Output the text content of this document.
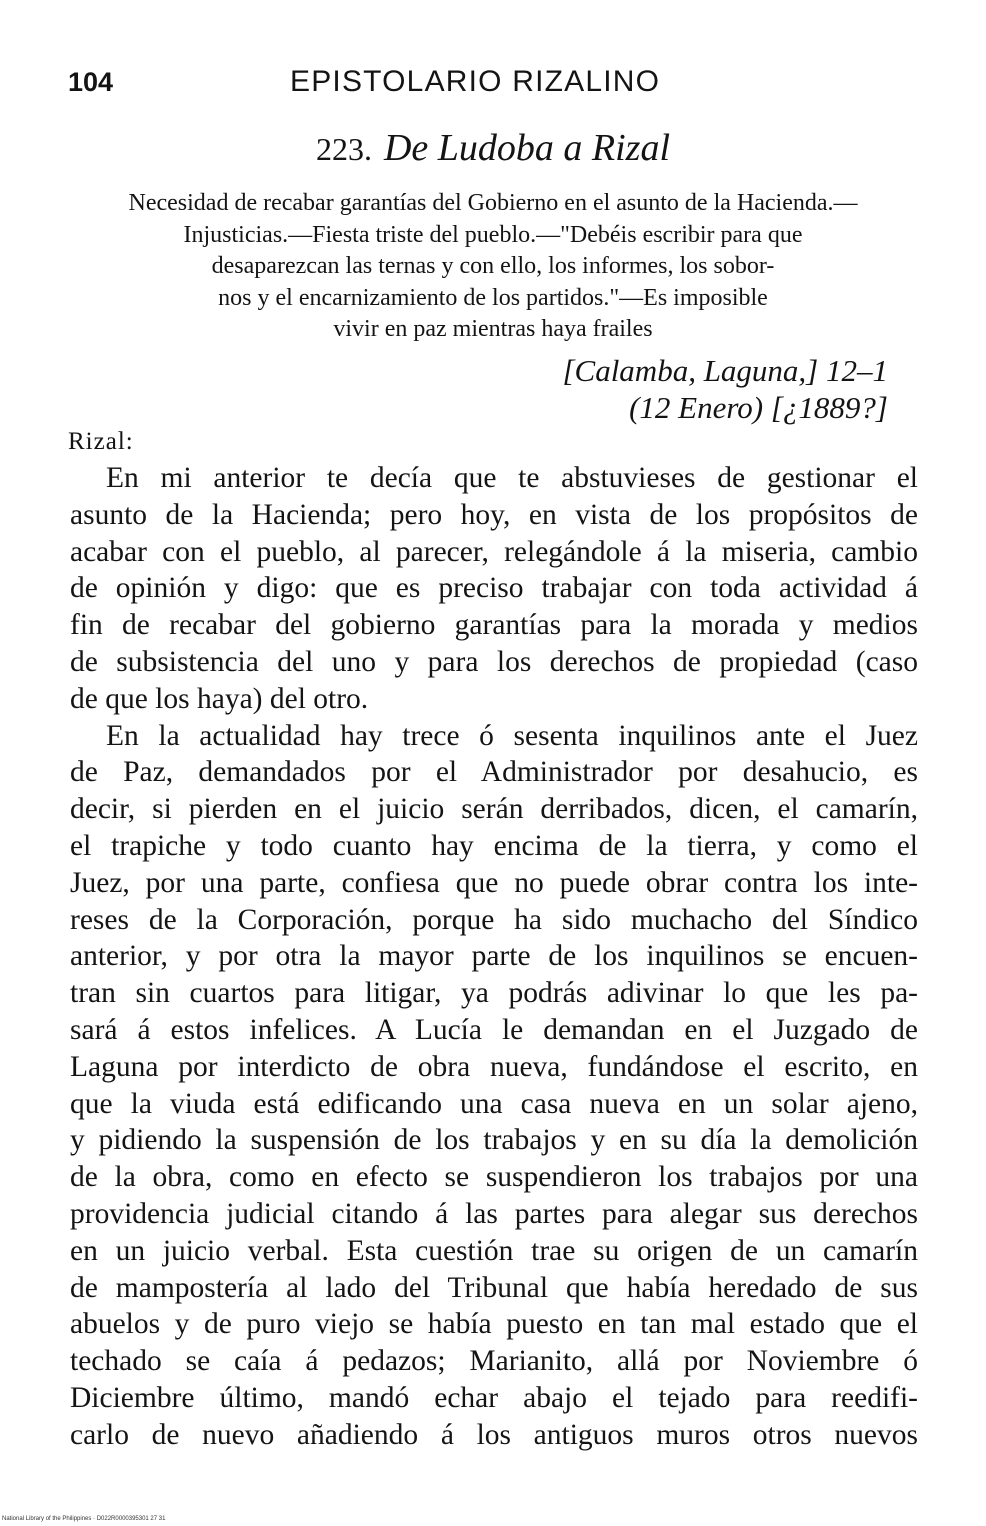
104	EPISTOLARIO RIZALINO
223. De Ludoba a Rizal
Necesidad de recabar garantías del Gobierno en el asunto de la Hacienda.—
Injusticias.—Fiesta triste del pueblo.—"Debéis escribir para que
desaparezcan las ternas y con ello, los informes, los sobor-
nos y el encarnizamiento de los partidos."—Es imposible
vivir en paz mientras haya frailes
[Calamba, Laguna,] 12–1
(12 Enero) [¿1889?]
Rizal:
En mi anterior te decía que te abstuvieses de gestionar el
asunto de la Hacienda; pero hoy, en vista de los propósitos de
acabar con el pueblo, al parecer, relegándole á la miseria, cambio
de opinión y digo: que es preciso trabajar con toda actividad á
fin de recabar del gobierno garantías para la morada y medios
de subsistencia del uno y para los derechos de propiedad (caso
de que los haya) del otro.
En la actualidad hay trece ó sesenta inquilinos ante el Juez
de Paz, demandados por el Administrador por desahucio, es
decir, si pierden en el juicio serán derribados, dicen, el camarín,
el trapiche y todo cuanto hay encima de la tierra, y como el
Juez, por una parte, confiesa que no puede obrar contra los inte-
reses de la Corporación, porque ha sido muchacho del Síndico
anterior, y por otra la mayor parte de los inquilinos se encuen-
tran sin cuartos para litigar, ya podrás adivinar lo que les pa-
sará á estos infelices. A Lucía le demandan en el Juzgado de
Laguna por interdicto de obra nueva, fundándose el escrito, en
que la viuda está edificando una casa nueva en un solar ajeno,
y pidiendo la suspensión de los trabajos y en su día la demolición
de la obra, como en efecto se suspendieron los trabajos por una
providencia judicial citando á las partes para alegar sus derechos
en un juicio verbal. Esta cuestión trae su origen de un camarín
de mampostería al lado del Tribunal que había heredado de sus
abuelos y de puro viejo se había puesto en tan mal estado que el
techado se caía á pedazos; Marianito, allá por Noviembre ó
Diciembre último, mandó echar abajo el tejado para reedifi-
carlo de nuevo añadiendo á los antiguos muros otros nuevos
National Library of the Philippines · D022R0000395301 27 31
